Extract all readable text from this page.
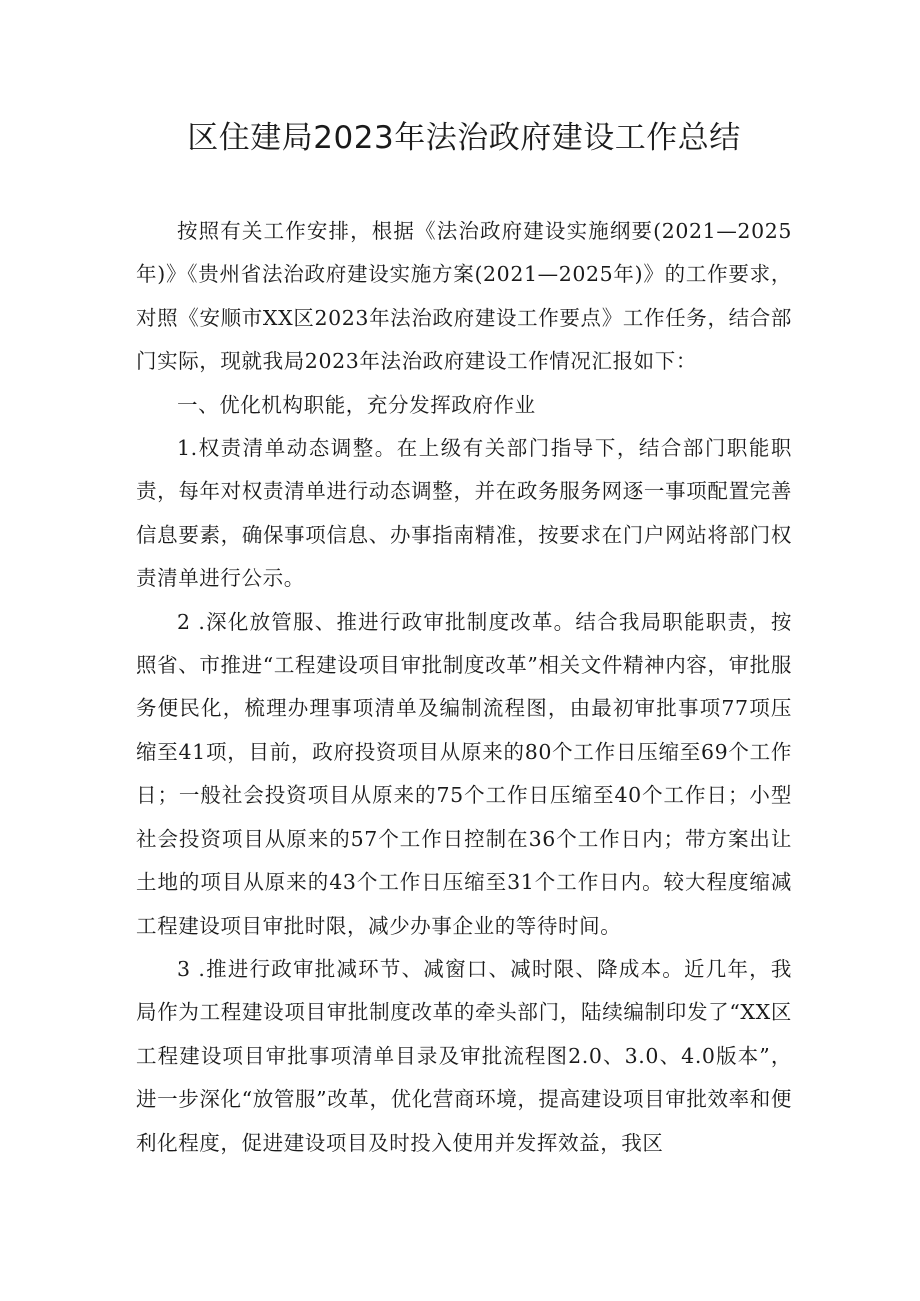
区住建局2023年法治政府建设工作总结

按照有关工作安排，根据《法治政府建设实施纲要(2021—2025年)》《贵州省法治政府建设实施方案(2021—2025年)》的工作要求，对照《安顺市XX区2023年法治政府建设工作要点》工作任务，结合部门实际，现就我局2023年法治政府建设工作情况汇报如下：

一、优化机构职能，充分发挥政府作业

1.权责清单动态调整。在上级有关部门指导下，结合部门职能职责，每年对权责清单进行动态调整，并在政务服务网逐一事项配置完善信息要素，确保事项信息、办事指南精准，按要求在门户网站将部门权责清单进行公示。

2 .深化放管服、推进行政审批制度改革。结合我局职能职责，按照省、市推进“工程建设项目审批制度改革”相关文件精神内容，审批服务便民化，梳理办理事项清单及编制流程图，由最初审批事项77项压缩至41项，目前，政府投资项目从原来的80个工作日压缩至69个工作日；一般社会投资项目从原来的75个工作日压缩至40个工作日；小型社会投资项目从原来的57个工作日控制在36个工作日内；带方案出让土地的项目从原来的43个工作日压缩至31个工作日内。较大程度缩减工程建设项目审批时限，减少办事企业的等待时间。

3 .推进行政审批减环节、减窗口、减时限、降成本。近几年，我局作为工程建设项目审批制度改革的牵头部门，陆续编制印发了“XX区工程建设项目审批事项清单目录及审批流程图2.0、3.0、4.0版本”，进一步深化“放管服”改革，优化营商环境，提高建设项目审批效率和便利化程度，促进建设项目及时投入使用并发挥效益，我区
